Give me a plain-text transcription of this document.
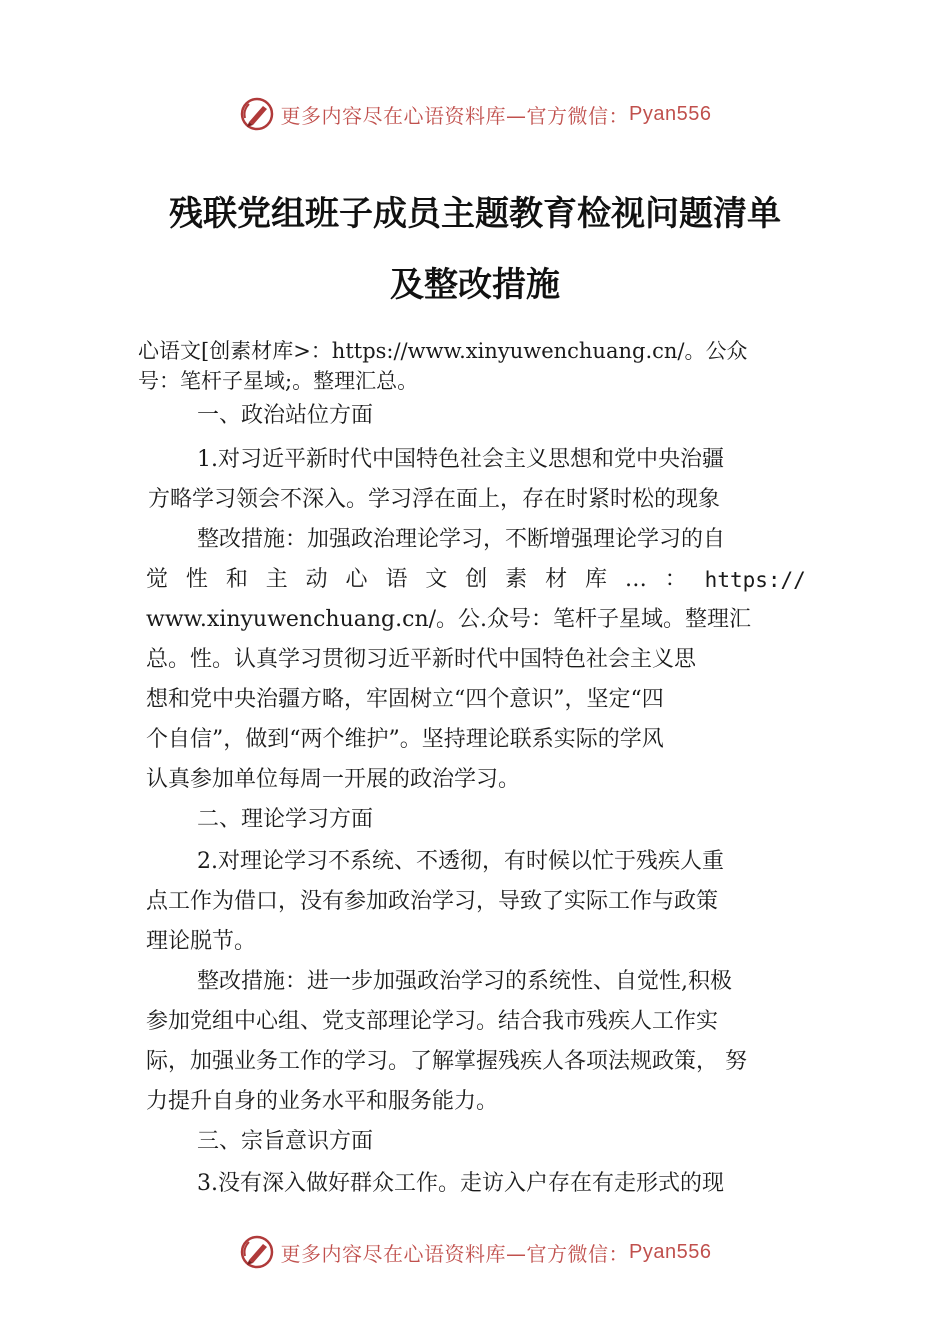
更多内容尽在心语资料库—官方微信： Pyan556
残联党组班子成员主题教育检视问题清单
及整改措施
心语文[创素材库>：https://www.xinyuwenchuang.cn/。公众
号：笔杆子星域;。整理汇总。
一、政治站位方面
1.对习近平新时代中国特色社会主义思想和党中央治疆
方略学习领会不深入。学习浮在面上，存在时紧时松的现象
整改措施：加强政治理论学习，不断增强理论学习的自
觉 性 和 主 动 心 语 文 创 素 材 库 … ： https://
www.xinyuwenchuang.cn/。公.众号：笔杆子星域。整理汇
总。性。认真学习贯彻习近平新时代中国特色社会主义思
想和党中央治疆方略，牢固树立“四个意识”，坚定“四
个自信”，做到“两个维护”。坚持理论联系实际的学风
认真参加单位每周一开展的政治学习。
二、理论学习方面
2.对理论学习不系统、不透彻，有时候以忙于残疾人重
点工作为借口，没有参加政治学习，导致了实际工作与政策
理论脱节。
整改措施：进一步加强政治学习的系统性、自觉性,积极
参加党组中心组、党支部理论学习。结合我市残疾人工作实
际，加强业务工作的学习。了解掌握残疾人各项法规政策， 努
力提升自身的业务水平和服务能力。
三、宗旨意识方面
3.没有深入做好群众工作。走访入户存在有走形式的现
更多内容尽在心语资料库—官方微信： Pyan556
